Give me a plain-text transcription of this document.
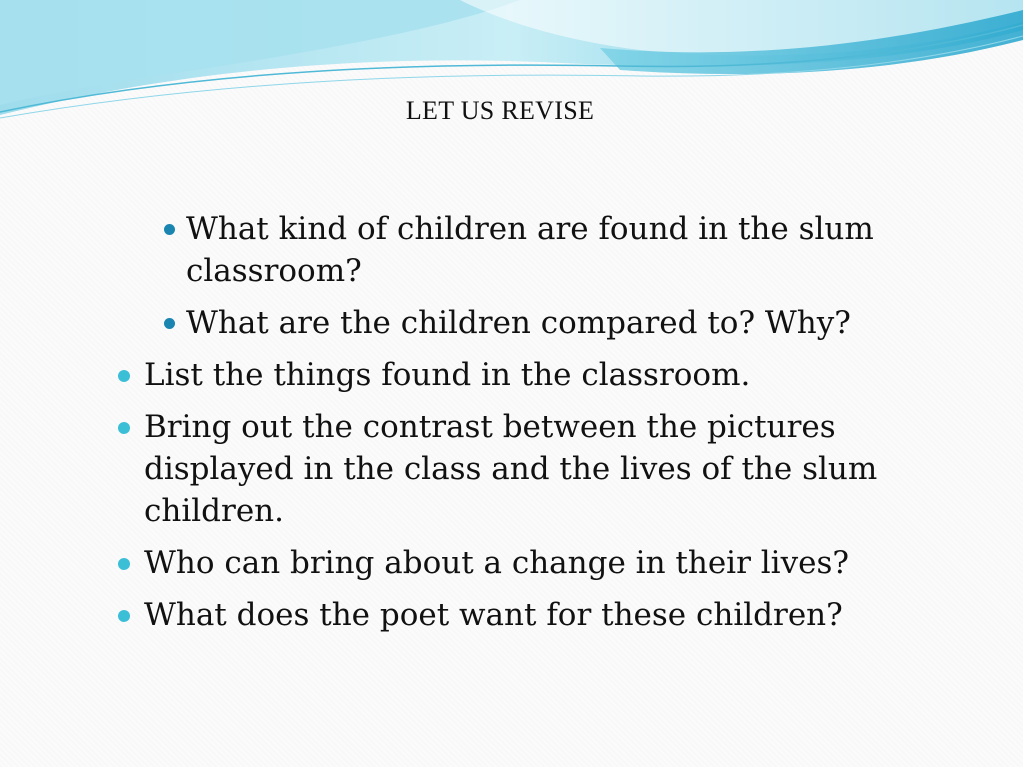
LET US REVISE
What kind of children are found in the slum classroom?
What are the children compared to? Why?
List the things found in the classroom.
Bring out the contrast between the pictures displayed in the class and the lives of the slum children.
Who can bring about a change in their lives?
What does the poet want for these children?
